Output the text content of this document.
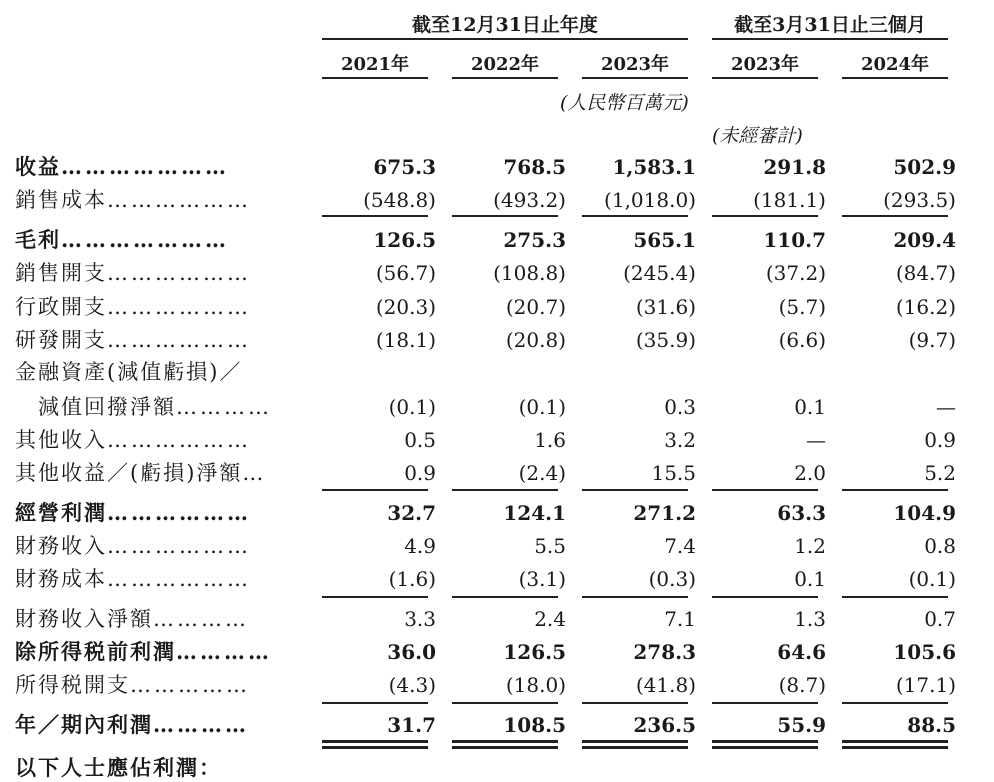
截至12月31日止年度	截至3月31日止三個月
2021年	2022年	2023年	2023年	2024年
(人民幣百萬元)
(未經審計)
收益…………………	675.3	768.5	1,583.1	291.8	502.9
銷售成本………………	(548.8)	(493.2)	(1,018.0)	(181.1)	(293.5)
毛利…………………	126.5	275.3	565.1	110.7	209.4
銷售開支………………	(56.7)	(108.8)	(245.4)	(37.2)	(84.7)
行政開支………………	(20.3)	(20.7)	(31.6)	(5.7)	(16.2)
研發開支………………	(18.1)	(20.8)	(35.9)	(6.6)	(9.7)
金融資產(減值虧損)／
　減值回撥淨額…………	(0.1)	(0.1)	0.3	0.1	—
其他收入………………	0.5	1.6	3.2	—	0.9
其他收益／(虧損)淨額…	0.9	(2.4)	15.5	2.0	5.2
經營利潤………………	32.7	124.1	271.2	63.3	104.9
財務收入………………	4.9	5.5	7.4	1.2	0.8
財務成本………………	(1.6)	(3.1)	(0.3)	0.1	(0.1)
財務收入淨額…………	3.3	2.4	7.1	1.3	0.7
除所得税前利潤…………	36.0	126.5	278.3	64.6	105.6
所得税開支……………	(4.3)	(18.0)	(41.8)	(8.7)	(17.1)
年／期內利潤…………	31.7	108.5	236.5	55.9	88.5
以下人士應佔利潤：
